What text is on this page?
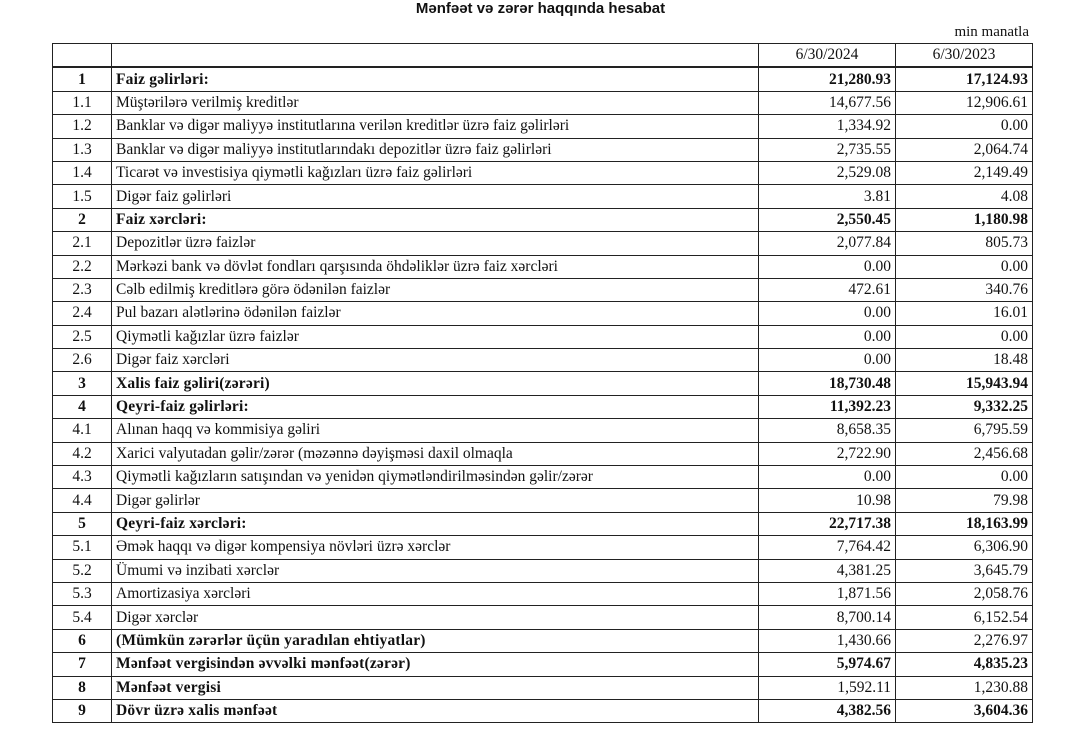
Mənfəət və zərər haqqında hesabat
min manatla
		6/30/2024	6/30/2023
1	Faiz gəlirləri:	21,280.93	17,124.93
1.1	Müştərilərə verilmiş kreditlər	14,677.56	12,906.61
1.2	Banklar və digər maliyyə institutlarına verilən kreditlər üzrə faiz gəlirləri	1,334.92	0.00
1.3	Banklar və digər maliyyə institutlarındakı depozitlər üzrə faiz gəlirləri	2,735.55	2,064.74
1.4	Ticarət və investisiya qiymətli kağızları üzrə faiz gəlirləri	2,529.08	2,149.49
1.5	Digər faiz gəlirləri	3.81	4.08
2	Faiz xərcləri:	2,550.45	1,180.98
2.1	Depozitlər üzrə faizlər	2,077.84	805.73
2.2	Mərkəzi bank və dövlət fondları qarşısında öhdəliklər üzrə faiz xərcləri	0.00	0.00
2.3	Cəlb edilmiş kreditlərə görə ödənilən faizlər	472.61	340.76
2.4	Pul bazarı alətlərinə ödənilən faizlər	0.00	16.01
2.5	Qiymətli kağızlar üzrə faizlər	0.00	0.00
2.6	Digər faiz xərcləri	0.00	18.48
3	Xalis faiz gəliri(zərəri)	18,730.48	15,943.94
4	Qeyri-faiz gəlirləri:	11,392.23	9,332.25
4.1	Alınan haqq və kommisiya gəliri	8,658.35	6,795.59
4.2	Xarici valyutadan gəlir/zərər (məzənnə dəyişməsi daxil olmaqla	2,722.90	2,456.68
4.3	Qiymətli kağızların satışından və yenidən qiymətləndirilməsindən gəlir/zərər	0.00	0.00
4.4	Digər gəlirlər	10.98	79.98
5	Qeyri-faiz xərcləri:	22,717.38	18,163.99
5.1	Əmək haqqı və digər kompensiya növləri üzrə xərclər	7,764.42	6,306.90
5.2	Ümumi və inzibati xərclər	4,381.25	3,645.79
5.3	Amortizasiya xərcləri	1,871.56	2,058.76
5.4	Digər xərclər	8,700.14	6,152.54
6	(Mümkün zərərlər üçün yaradılan ehtiyatlar)	1,430.66	2,276.97
7	Mənfəət vergisindən əvvəlki mənfəət(zərər)	5,974.67	4,835.23
8	Mənfəət vergisi	1,592.11	1,230.88
9	Dövr üzrə xalis mənfəət	4,382.56	3,604.36
